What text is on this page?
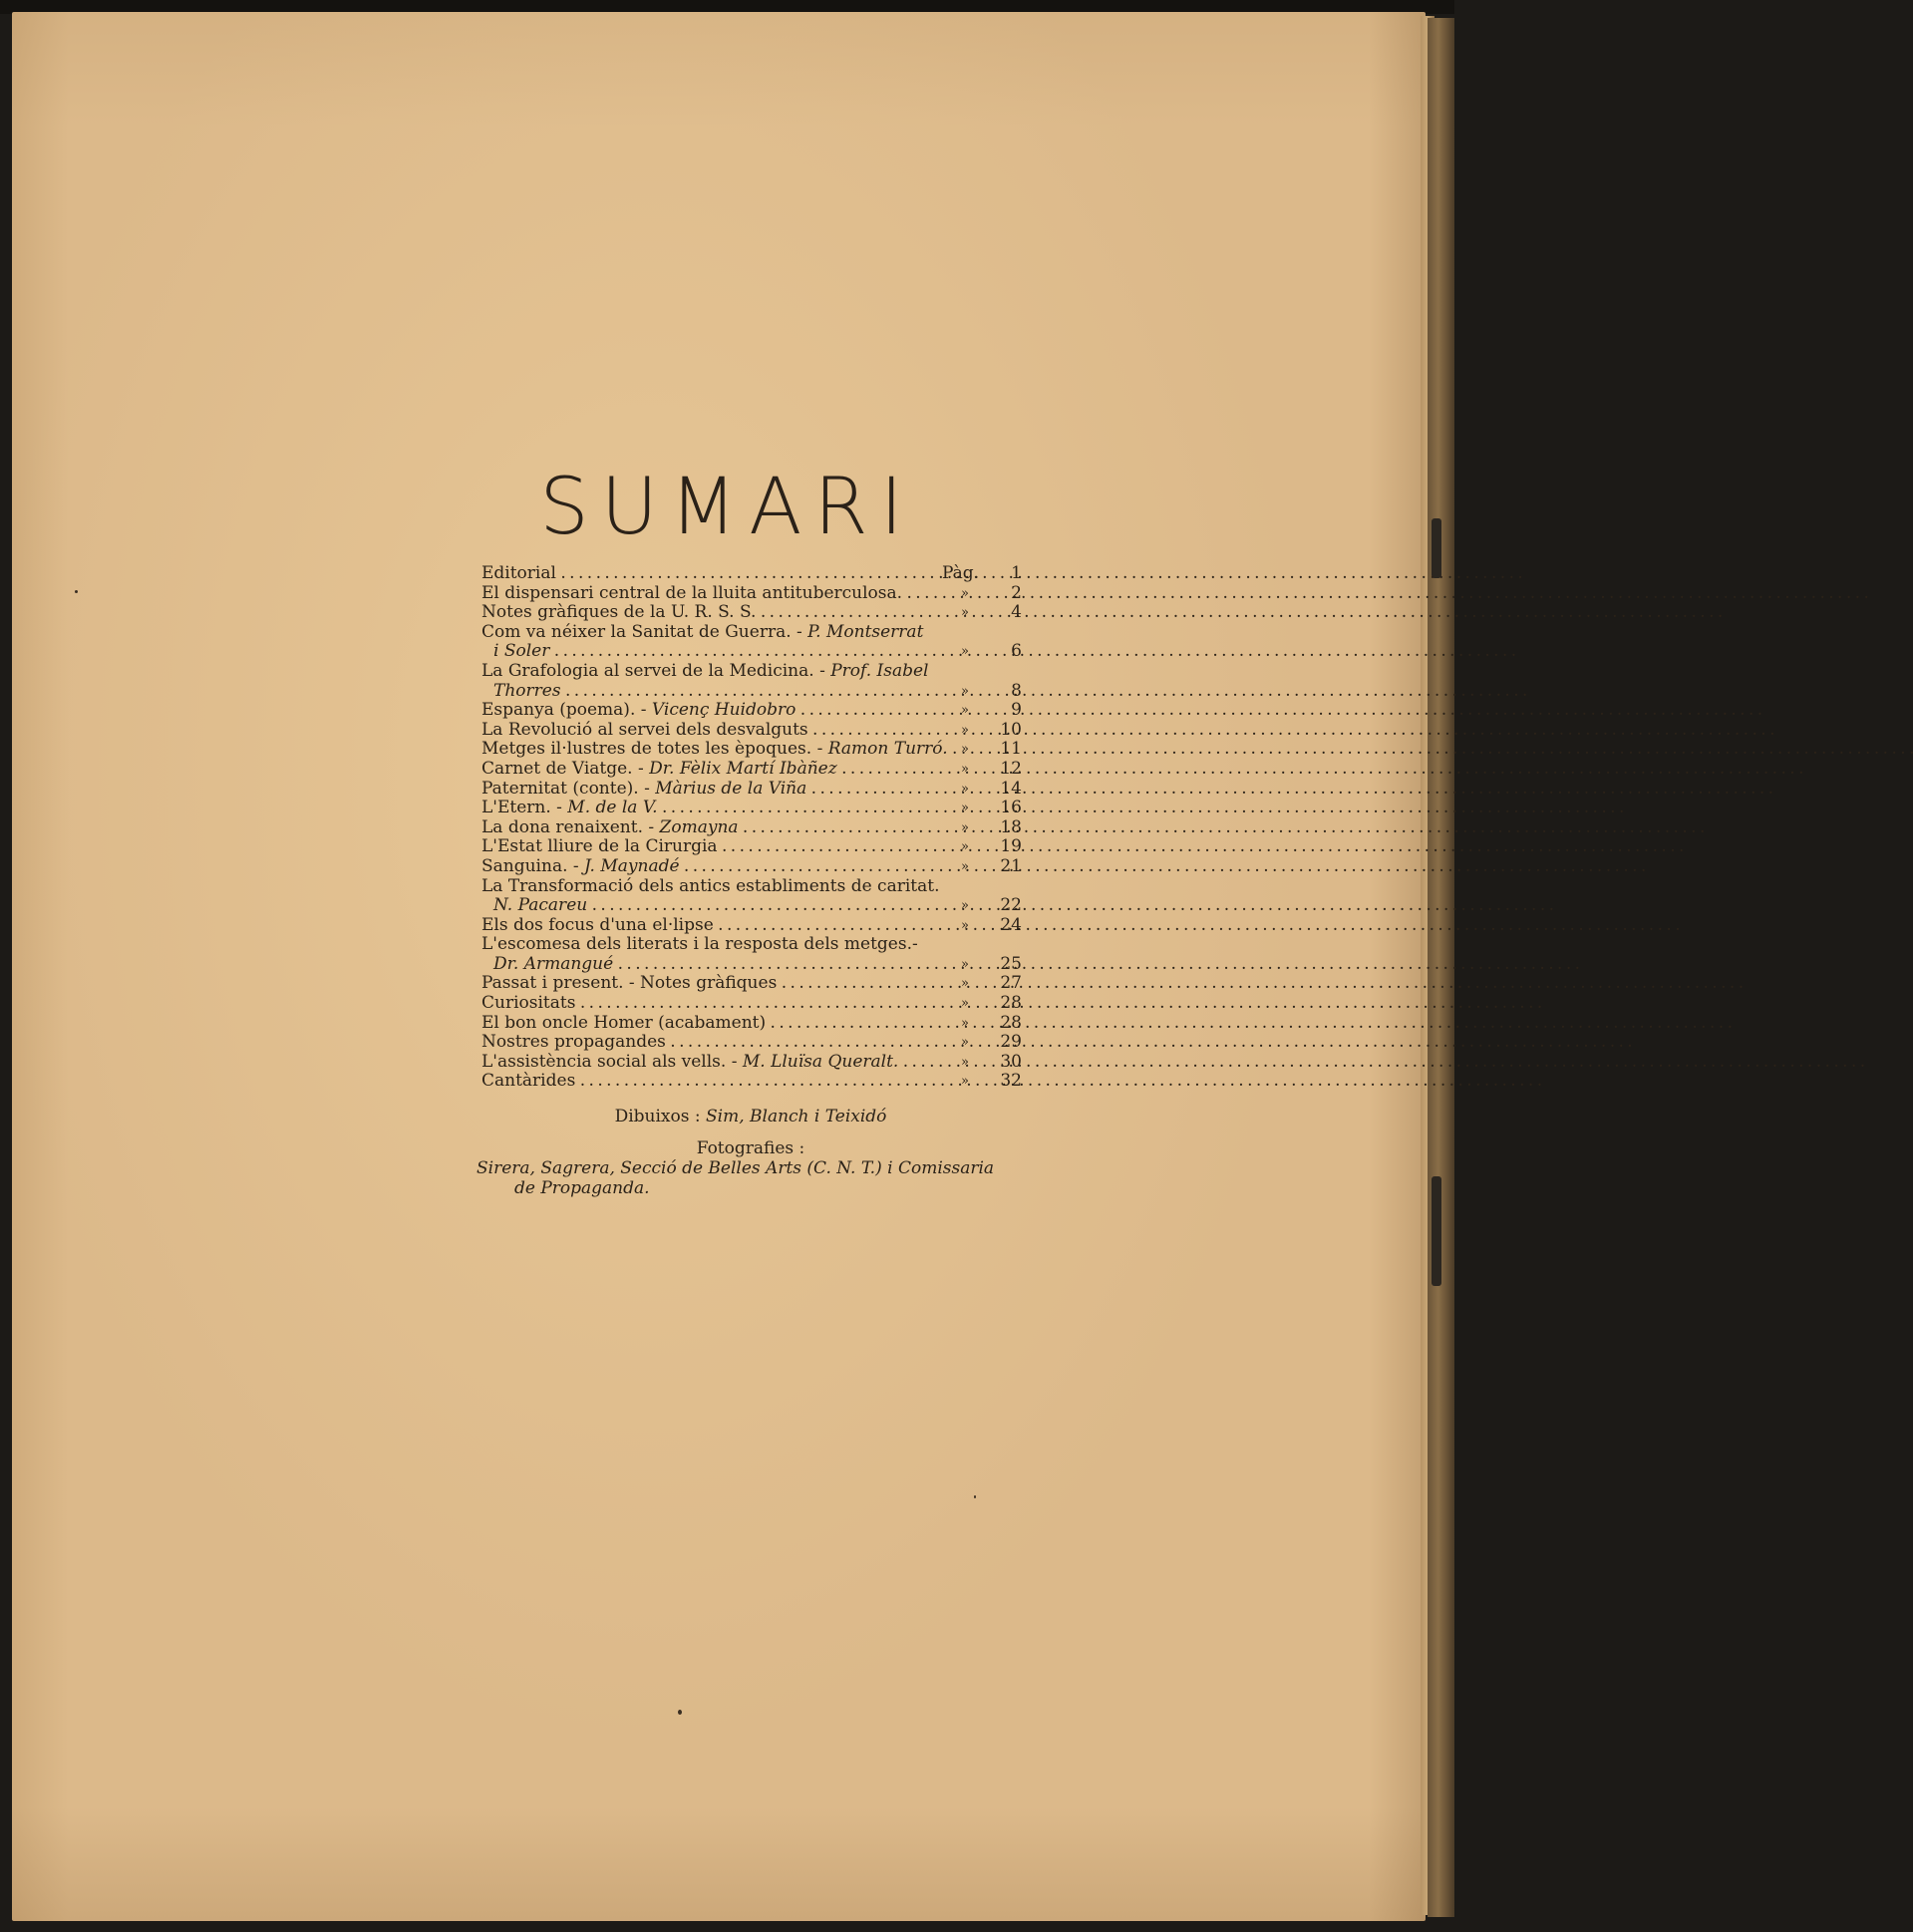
SUMARI
Pàg.
Editorial . . .	1
El dispensari central de la lluita antituberculosa. . . .	»	2
Notes gràfiques de la U. R. S. S. . . .	»	4
Com va néixer la Sanitat de Guerra. - P. Montserrat
i Soler . . .	»	6
La Grafologia al servei de la Medicina. - Prof. Isabel
Thorres . . .	»	8
Espanya (poema). - Vicenç Huidobro . . .	»	9
La Revolució al servei dels desvalguts . . .	»	10
Metges il·lustres de totes les èpoques. - Ramon Turró. . . .	»	11
Carnet de Viatge. - Dr. Fèlix Martí Ibàñez . . .	»	12
Paternitat (conte). - Màrius de la Viña . . .	»	14
L'Etern. - M. de la V. . . .	»	16
La dona renaixent. - Zomayna . . .	»	18
L'Estat lliure de la Cirurgia . . .	»	19
Sanguina. - J. Maynadé . . .	»	21
La Transformació dels antics establiments de caritat.
N. Pacareu . . .	»	22
Els dos focus d'una el·lipse . . .	»	24
L'escomesa dels literats i la resposta dels metges.-
Dr. Armangué . . .	»	25
Passat i present. - Notes gràfiques . . .	»	27
Curiositats . . .	»	28
El bon oncle Homer (acabament) . . .	»	28
Nostres propagandes . . .	»	29
L'assistència social als vells. - M. Lluïsa Queralt. . . .	»	30
Cantàrides . . .	»	32
Dibuixos : Sim, Blanch i Teixidó
Fotografies :
Sirera, Sagrera, Secció de Belles Arts (C. N. T.) i Comissaria
de Propaganda.
